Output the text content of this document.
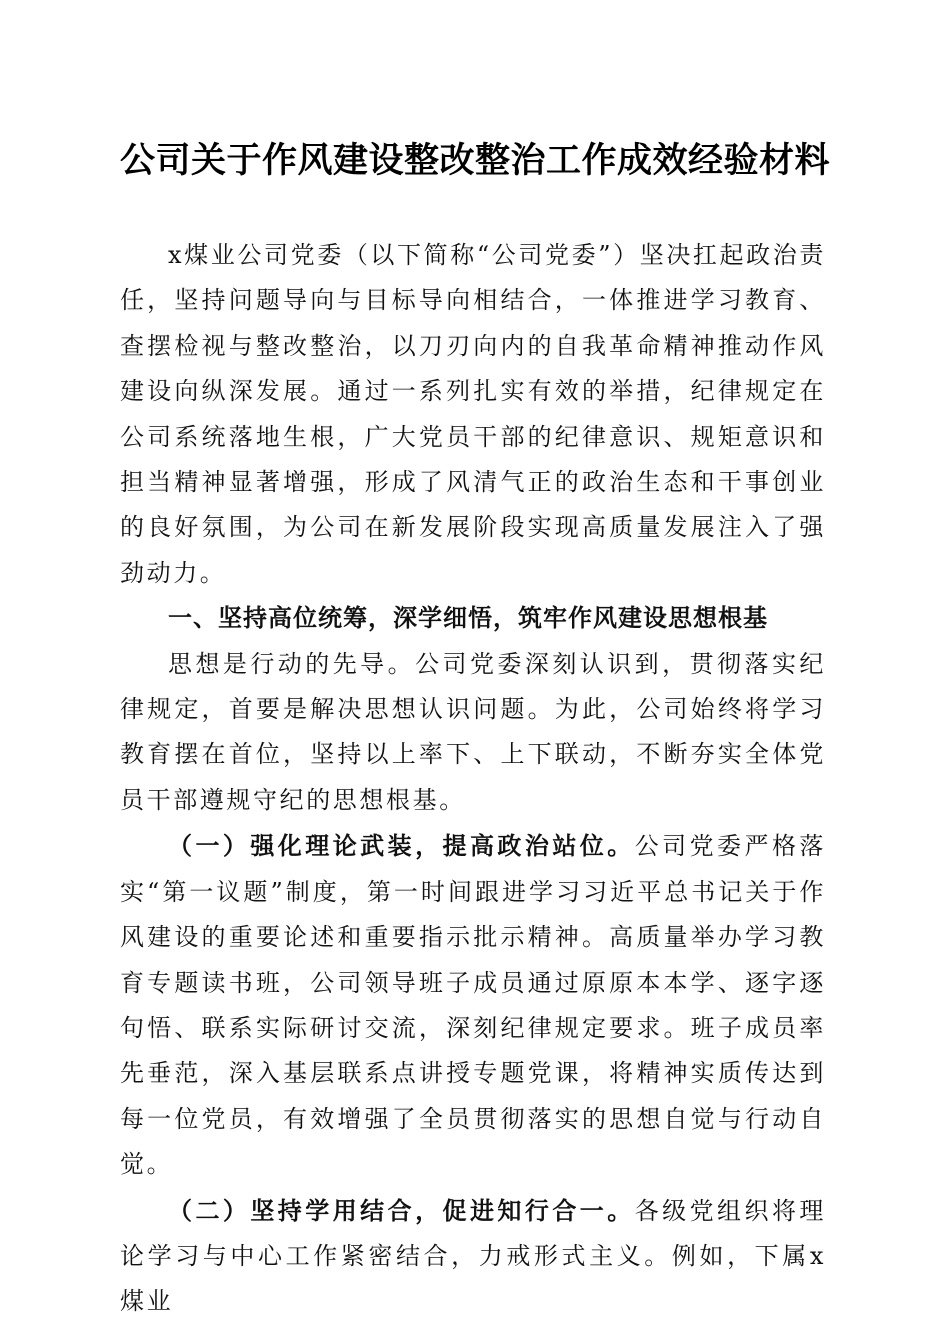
公司关于作风建设整改整治工作成效经验材料

x煤业公司党委（以下简称“公司党委”）坚决扛起政治责任，坚持问题导向与目标导向相结合，一体推进学习教育、查摆检视与整改整治，以刀刃向内的自我革命精神推动作风建设向纵深发展。通过一系列扎实有效的举措，纪律规定在公司系统落地生根，广大党员干部的纪律意识、规矩意识和担当精神显著增强，形成了风清气正的政治生态和干事创业的良好氛围，为公司在新发展阶段实现高质量发展注入了强劲动力。

一、坚持高位统筹，深学细悟，筑牢作风建设思想根基

思想是行动的先导。公司党委深刻认识到，贯彻落实纪律规定，首要是解决思想认识问题。为此，公司始终将学习教育摆在首位，坚持以上率下、上下联动，不断夯实全体党员干部遵规守纪的思想根基。

（一）强化理论武装，提高政治站位。公司党委严格落实“第一议题”制度，第一时间跟进学习习近平总书记关于作风建设的重要论述和重要指示批示精神。高质量举办学习教育专题读书班，公司领导班子成员通过原原本本学、逐字逐句悟、联系实际研讨交流，深刻纪律规定要求。班子成员率先垂范，深入基层联系点讲授专题党课，将精神实质传达到每一位党员，有效增强了全员贯彻落实的思想自觉与行动自觉。

（二）坚持学用结合，促进知行合一。各级党组织将理论学习与中心工作紧密结合，力戒形式主义。例如，下属x煤业
